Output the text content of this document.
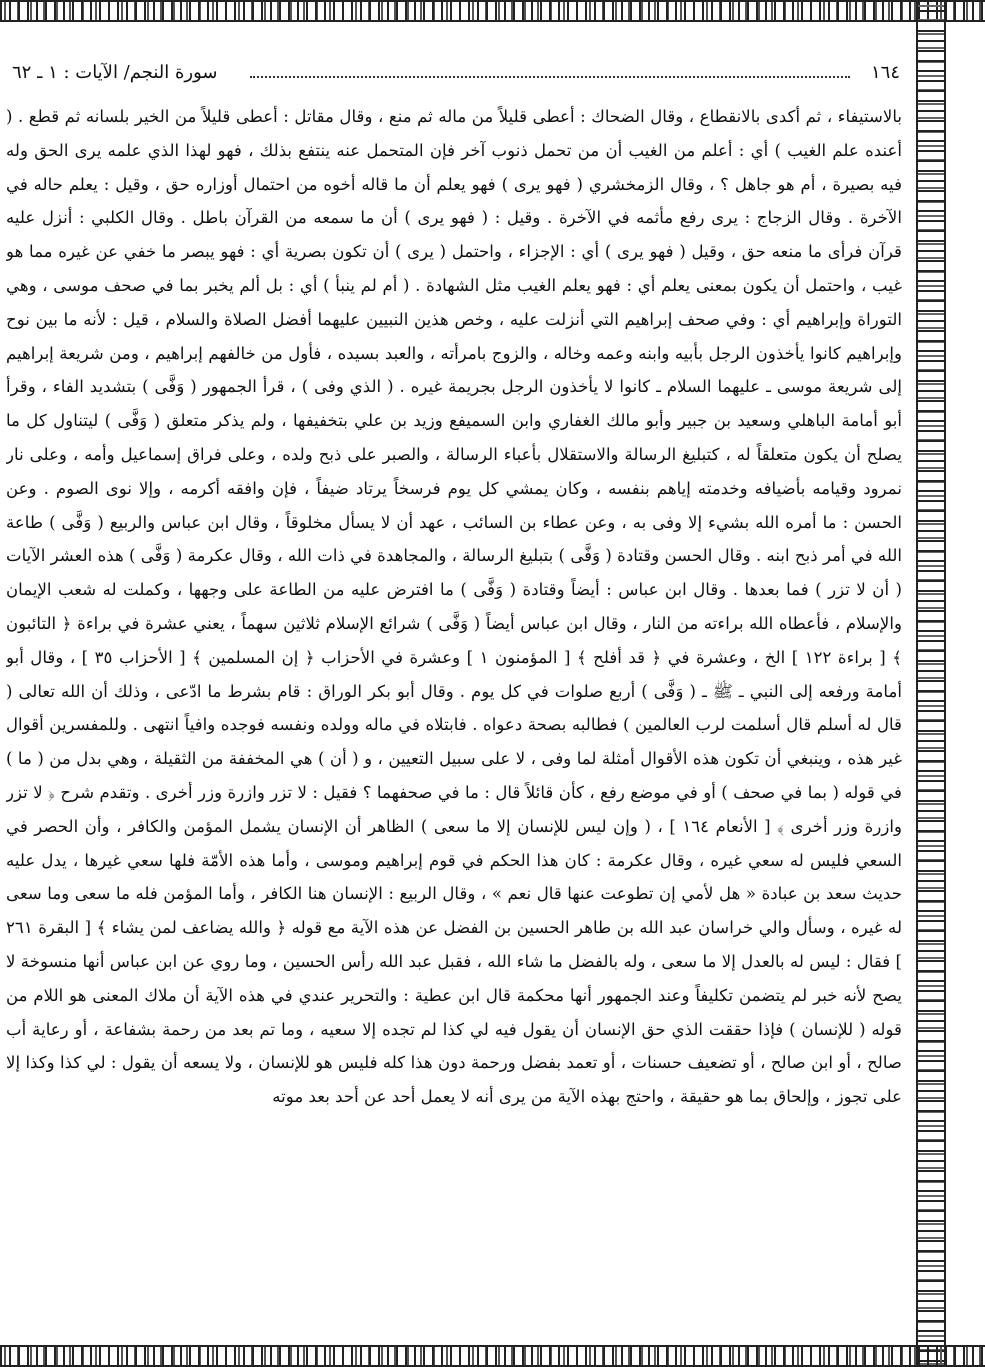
١٦٤
سورة النجم/ الآيات : ١ ـ ٦٢

بالاستيفاء ، ثم أكدى بالانقطاع ، وقال الضحاك : أعطى قليلاً من ماله ثم منع ، وقال مقاتل : أعطى قليلاً من الخير بلسانه ثم قطع . ( أعنده علم الغيب ) أي : أعلم من الغيب أن من تحمل ذنوب آخر فإن المتحمل عنه ينتفع بذلك ، فهو لهذا الذي علمه يرى الحق وله فيه بصيرة ، أم هو جاهل ؟ ، وقال الزمخشري ( فهو يرى ) فهو يعلم أن ما قاله أخوه من احتمال أوزاره حق ، وقيل : يعلم حاله في الآخرة . وقال الزجاج : يرى رفع مأثمه في الآخرة . وقيل : ( فهو يرى ) أن ما سمعه من القرآن باطل . وقال الكلبي : أنزل عليه قرآن فرأى ما منعه حق ، وقيل ( فهو يرى ) أي : الإجزاء ، واحتمل ( يرى ) أن تكون بصرية أي : فهو يبصر ما خفي عن غيره مما هو غيب ، واحتمل أن يكون بمعنى يعلم أي : فهو يعلم الغيب مثل الشهادة . ( أم لم ينبأ ) أي : بل ألم يخبر بما في صحف موسى ، وهي التوراة وإبراهيم أي : وفي صحف إبراهيم التي أنزلت عليه ، وخص هذين النبيين عليهما أفضل الصلاة والسلام ، قيل : لأنه ما بين نوح وإبراهيم كانوا يأخذون الرجل بأبيه وابنه وعمه وخاله ، والزوج بامرأته ، والعبد بسيده ، فأول من خالفهم إبراهيم ، ومن شريعة إبراهيم إلى شريعة موسى ـ عليهما السلام ـ كانوا لا يأخذون الرجل بجريمة غيره . ( الذي وفى ) ، قرأ الجمهور ( وَفَّى ) بتشديد الفاء ، وقرأ أبو أمامة الباهلي وسعيد بن جبير وأبو مالك الغفاري وابن السميفع وزيد بن علي بتخفيفها ، ولم يذكر متعلق ( وَفَّى ) ليتناول كل ما يصلح أن يكون متعلقاً له ، كتبليغ الرسالة والاستقلال بأعباء الرسالة ، والصبر على ذبح ولده ، وعلى فراق إسماعيل وأمه ، وعلى نار نمرود وقيامه بأضيافه وخدمته إياهم بنفسه ، وكان يمشي كل يوم فرسخاً يرتاد ضيفاً ، فإن وافقه أكرمه ، وإلا نوى الصوم . وعن الحسن : ما أمره الله بشيء إلا وفى به ، وعن عطاء بن السائب ، عهد أن لا يسأل مخلوقاً ، وقال ابن عباس والربيع ( وَفَّى ) طاعة الله في أمر ذبح ابنه . وقال الحسن وقتادة ( وَفَّى ) بتبليغ الرسالة ، والمجاهدة في ذات الله ، وقال عكرمة ( وَفَّى ) هذه العشر الآيات ( أن لا تزر ) فما بعدها . وقال ابن عباس : أيضاً وقتادة ( وَفَّى ) ما افترض عليه من الطاعة على وجهها ، وكملت له شعب الإيمان والإسلام ، فأعطاه الله براءته من النار ، وقال ابن عباس أيضاً ( وَفَّى ) شرائع الإسلام ثلاثين سهماً ، يعني عشرة في براءة ﴿ التائبون ﴾ [ براءة ١٢٢ ] الخ ، وعشرة في ﴿ قد أفلح ﴾ [ المؤمنون ١ ] وعشرة في الأحزاب ﴿ إن المسلمين ﴾ [ الأحزاب ٣٥ ] ، وقال أبو أمامة ورفعه إلى النبي ـ ﷺ ـ ( وَفَّى ) أربع صلوات في كل يوم . وقال أبو بكر الوراق : قام بشرط ما ادّعى ، وذلك أن الله تعالى ( قال له أسلم قال أسلمت لرب العالمين ) فطالبه بصحة دعواه . فابتلاه في ماله وولده ونفسه فوجده وافياً انتهى . وللمفسرين أقوال غير هذه ، وينبغي أن تكون هذه الأقوال أمثلة لما وفى ، لا على سبيل التعيين ، و ( أن ) هي المخففة من الثقيلة ، وهي بدل من ( ما ) في قوله ( بما في صحف ) أو في موضع رفع ، كأن قائلاً قال : ما في صحفهما ؟ فقيل : لا تزر وازرة وزر أخرى . وتقدم شرح ﴿ لا تزر وازرة وزر أخرى ﴾ [ الأنعام ١٦٤ ] ، ( وإن ليس للإنسان إلا ما سعى ) الظاهر أن الإنسان يشمل المؤمن والكافر ، وأن الحصر في السعي فليس له سعي غيره ، وقال عكرمة : كان هذا الحكم في قوم إبراهيم وموسى ، وأما هذه الأمّة فلها سعي غيرها ، يدل عليه حديث سعد بن عبادة « هل لأمي إن تطوعت عنها قال نعم » ، وقال الربيع : الإنسان هنا الكافر ، وأما المؤمن فله ما سعى وما سعى له غيره ، وسأل والي خراسان عبد الله بن طاهر الحسين بن الفضل عن هذه الآية مع قوله ﴿ والله يضاعف لمن يشاء ﴾ [ البقرة ٢٦١ ] فقال : ليس له بالعدل إلا ما سعى ، وله بالفضل ما شاء الله ، فقبل عبد الله رأس الحسين ، وما روي عن ابن عباس أنها منسوخة لا يصح لأنه خبر لم يتضمن تكليفاً وعند الجمهور أنها محكمة قال ابن عطية : والتحرير عندي في هذه الآية أن ملاك المعنى هو اللام من قوله ( للإنسان ) فإذا حققت الذي حق الإنسان أن يقول فيه لي كذا لم تجده إلا سعيه ، وما تم بعد من رحمة بشفاعة ، أو رعاية أب صالح ، أو ابن صالح ، أو تضعيف حسنات ، أو تعمد بفضل ورحمة دون هذا كله فليس هو للإنسان ، ولا يسعه أن يقول : لي كذا وكذا إلا على تجوز ، وإلحاق بما هو حقيقة ، واحتج بهذه الآية من يرى أنه لا يعمل أحد عن أحد بعد موته
